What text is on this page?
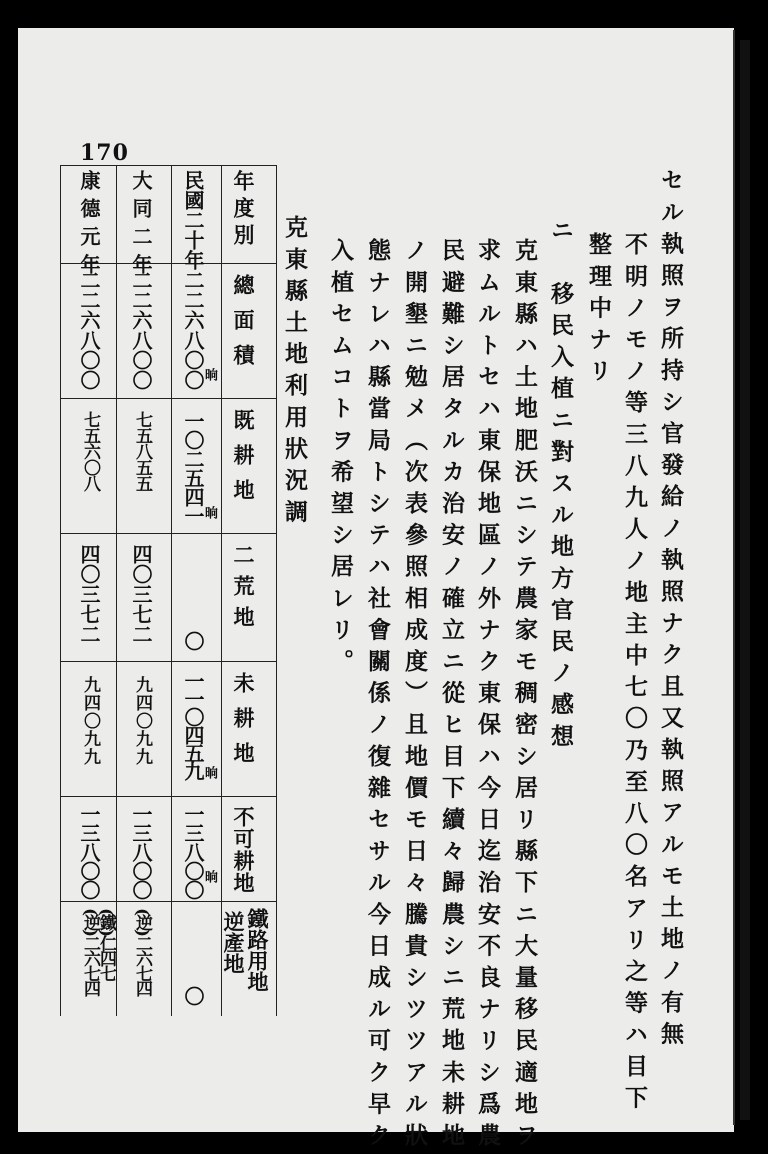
170
セル執照ヲ所持シ官發給ノ執照ナク且又執照アルモ土地ノ有無
不明ノモノ等三八九人ノ地主中七〇乃至八〇名アリ之等ハ目下
整理中ナリ
ニ　移民入植ニ對スル地方官民ノ感想
克東縣ハ土地肥沃ニシテ農家モ稠密シ居リ縣下ニ大量移民適地ヲ
求ムルトセハ東保地區ノ外ナク東保ハ今日迄治安不良ナリシ爲農
民避難シ居タルカ治安ノ確立ニ從ヒ目下續々歸農シニ荒地未耕地
ノ開墾ニ勉メ（次表參照相成度）且地價モ日々騰貴シツツアル狀
態ナレハ縣當局トシテハ社會關係ノ復雜セサル今日成ル可ク早ク
入植セムコトヲ希望シ居レリ。
克東縣土地利用狀況調
年度別
總面積
既耕地
二荒地
未耕地
不可耕地
鐵路用地
逆產地
民國二十年
二二六八〇〇
晌
一〇二五四一
晌
〇
一一〇四五九
晌
一三八〇〇
晌
〇
大同二年
二二六八〇〇
七五八五五
四〇三七二
九四〇九九
一三八〇〇
(逆)二六七四
康德元年
二二六八〇〇
七五六〇八
四〇三七二
九四〇九九
一三八〇〇
(逆)二六七四
(鐵)仁四七
